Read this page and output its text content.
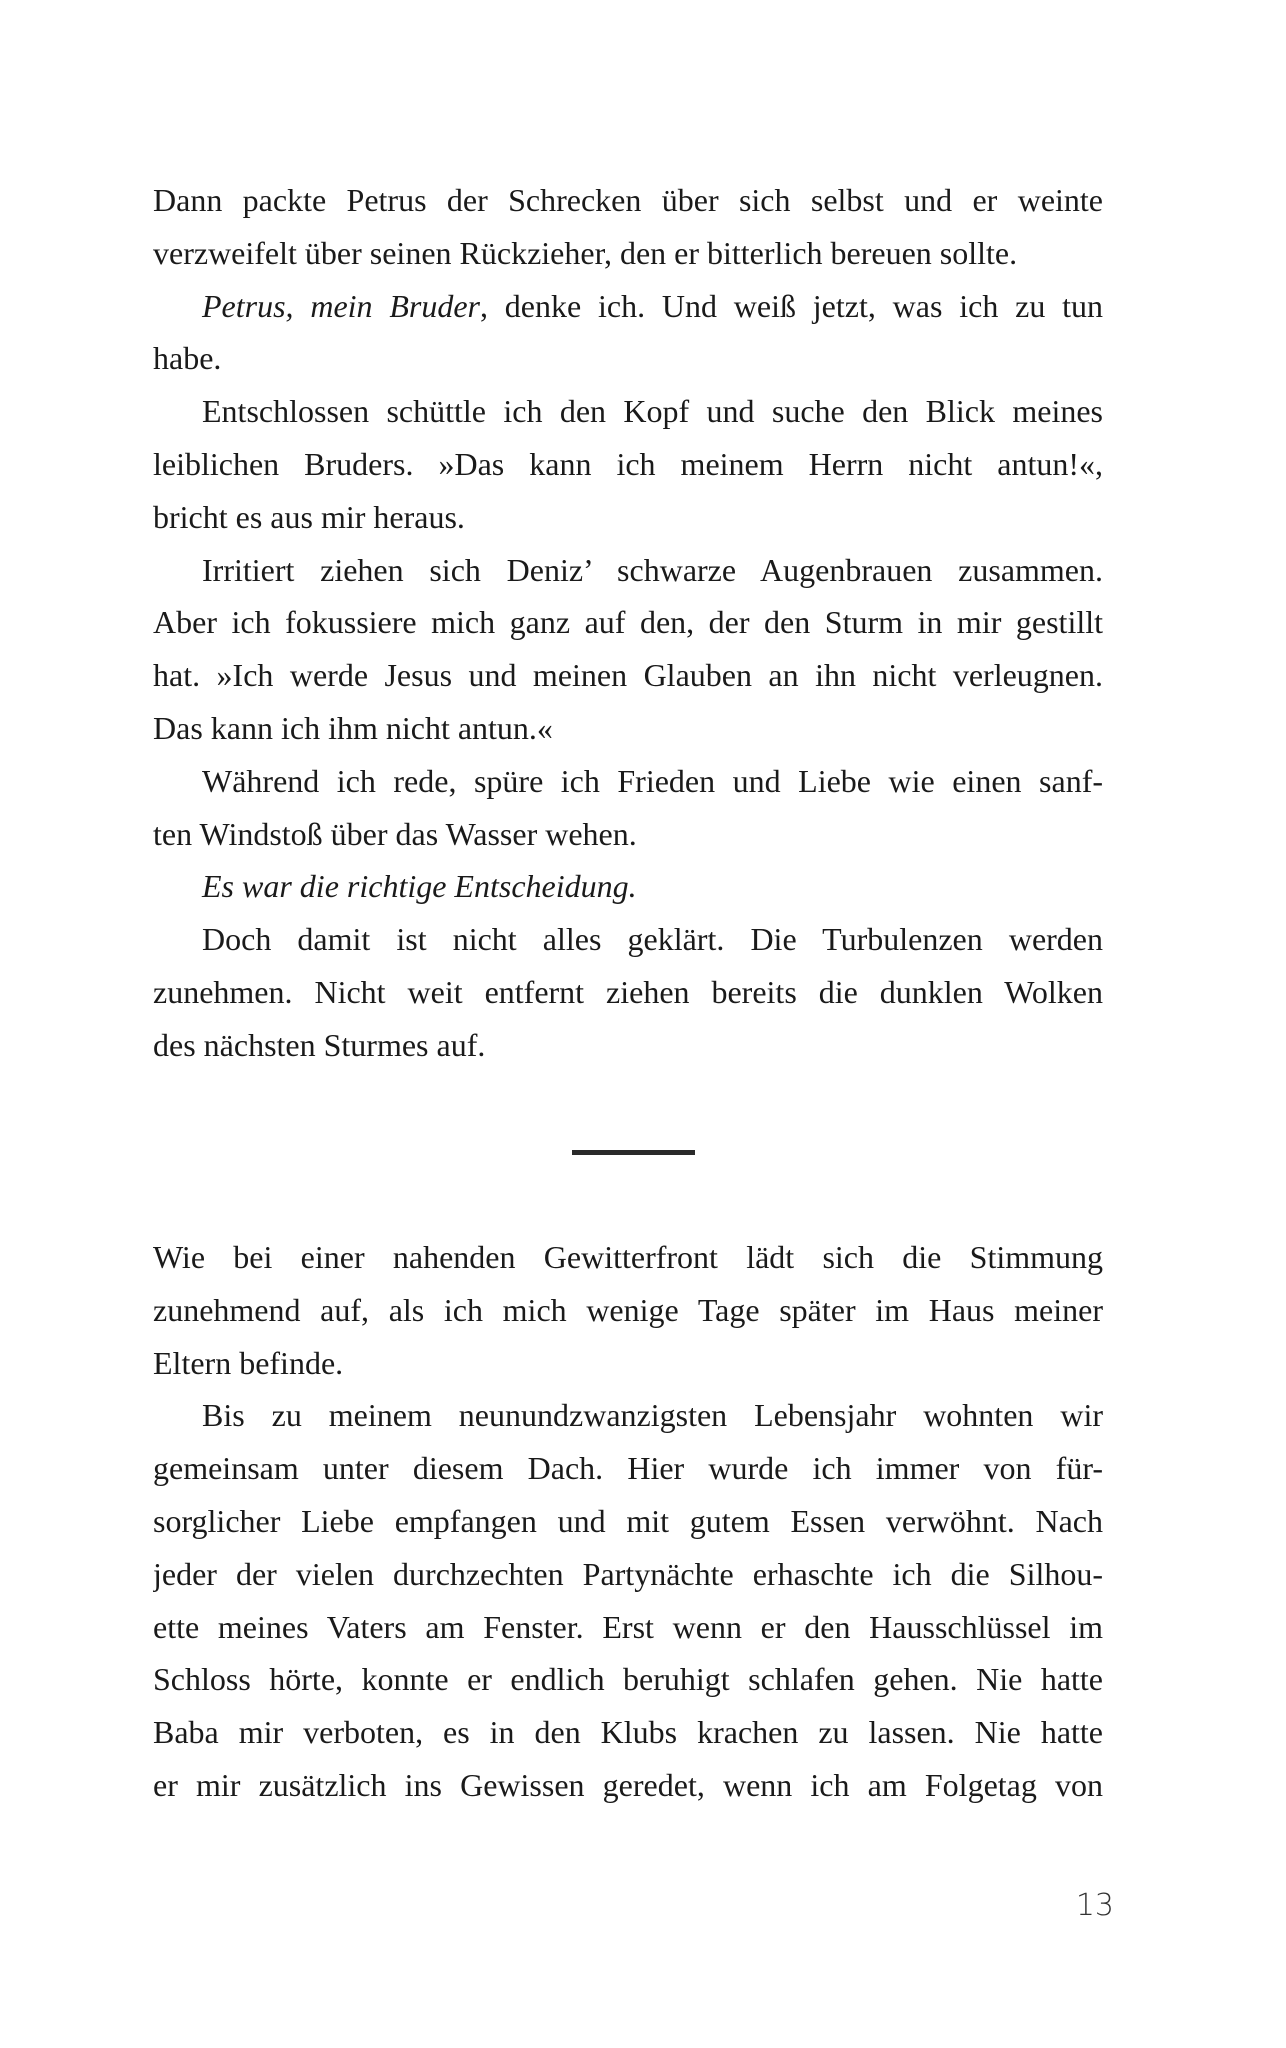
Dann packte Petrus der Schrecken über sich selbst und er weinte
verzweifelt über seinen Rückzieher, den er bitterlich bereuen sollte.
Petrus, mein Bruder, denke ich. Und weiß jetzt, was ich zu tun
habe.
Entschlossen schüttle ich den Kopf und suche den Blick meines
leiblichen Bruders. »Das kann ich meinem Herrn nicht antun!«,
bricht es aus mir heraus.
Irritiert ziehen sich Deniz’ schwarze Augenbrauen zusammen.
Aber ich fokussiere mich ganz auf den, der den Sturm in mir gestillt
hat. »Ich werde Jesus und meinen Glauben an ihn nicht verleugnen.
Das kann ich ihm nicht antun.«
Während ich rede, spüre ich Frieden und Liebe wie einen sanf-
ten Windstoß über das Wasser wehen.
Es war die richtige Entscheidung.
Doch damit ist nicht alles geklärt. Die Turbulenzen werden
zunehmen. Nicht weit entfernt ziehen bereits die dunklen Wolken
des nächsten Sturmes auf.
Wie bei einer nahenden Gewitterfront lädt sich die Stimmung
zunehmend auf, als ich mich wenige Tage später im Haus meiner
Eltern befinde.
Bis zu meinem neunundzwanzigsten Lebensjahr wohnten wir
gemeinsam unter diesem Dach. Hier wurde ich immer von für-
sorglicher Liebe empfangen und mit gutem Essen verwöhnt. Nach
jeder der vielen durchzechten Partynächte erhaschte ich die Silhou-
ette meines Vaters am Fenster. Erst wenn er den Hausschlüssel im
Schloss hörte, konnte er endlich beruhigt schlafen gehen. Nie hatte
Baba mir verboten, es in den Klubs krachen zu lassen. Nie hatte
er mir zusätzlich ins Gewissen geredet, wenn ich am Folgetag von
13
